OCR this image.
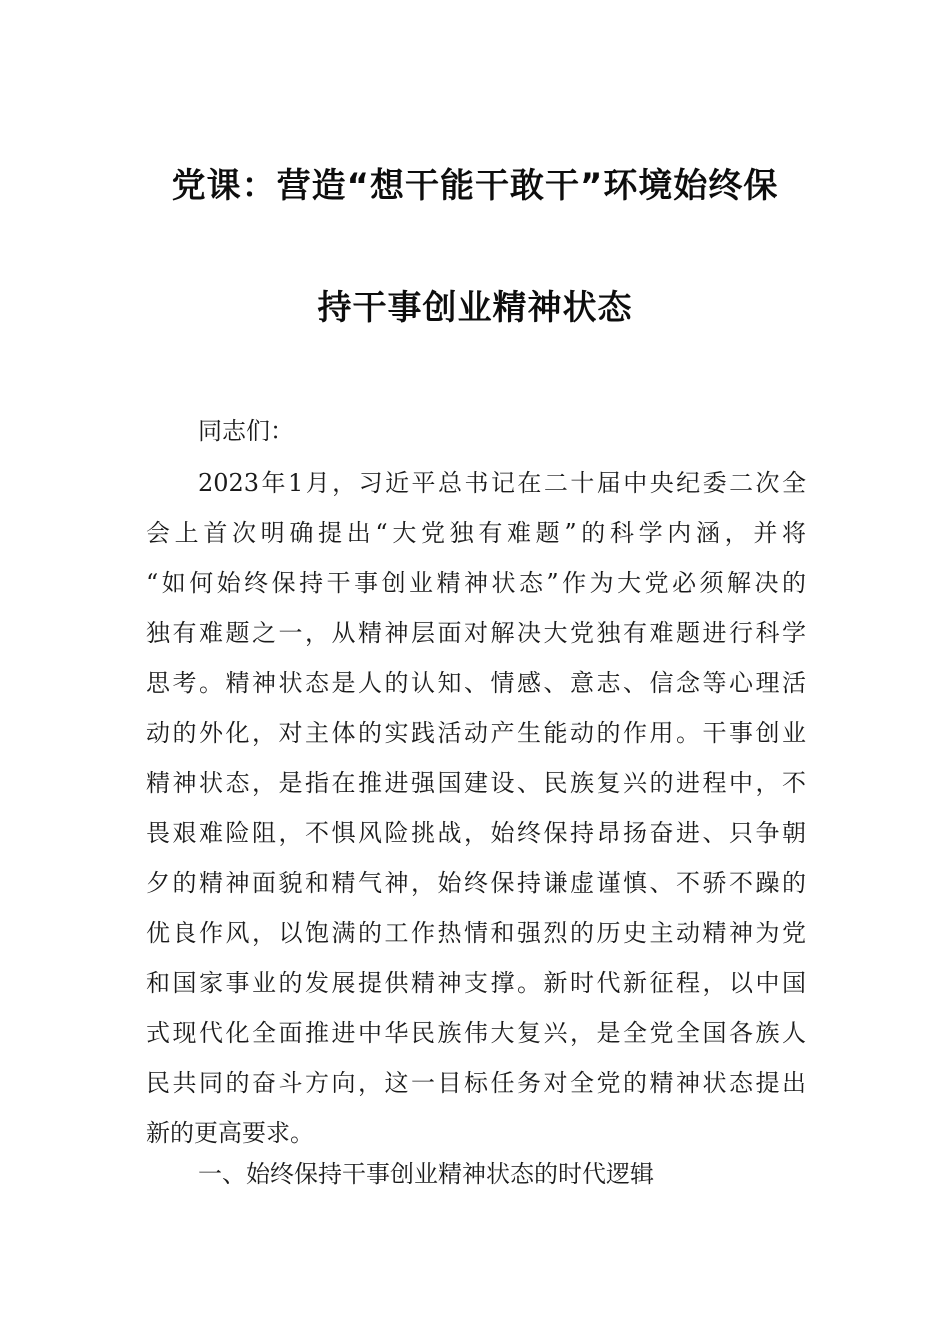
党课：营造“想干能干敢干”环境始终保
持干事创业精神状态
同志们：
2023年1月，习近平总书记在二十届中央纪委二次全
会上首次明确提出“大党独有难题”的科学内涵，并将
“如何始终保持干事创业精神状态”作为大党必须解决的
独有难题之一，从精神层面对解决大党独有难题进行科学
思考。精神状态是人的认知、情感、意志、信念等心理活
动的外化，对主体的实践活动产生能动的作用。干事创业
精神状态，是指在推进强国建设、民族复兴的进程中，不
畏艰难险阻，不惧风险挑战，始终保持昂扬奋进、只争朝
夕的精神面貌和精气神，始终保持谦虚谨慎、不骄不躁的
优良作风，以饱满的工作热情和强烈的历史主动精神为党
和国家事业的发展提供精神支撑。新时代新征程，以中国
式现代化全面推进中华民族伟大复兴，是全党全国各族人
民共同的奋斗方向，这一目标任务对全党的精神状态提出
新的更高要求。
一、始终保持干事创业精神状态的时代逻辑
